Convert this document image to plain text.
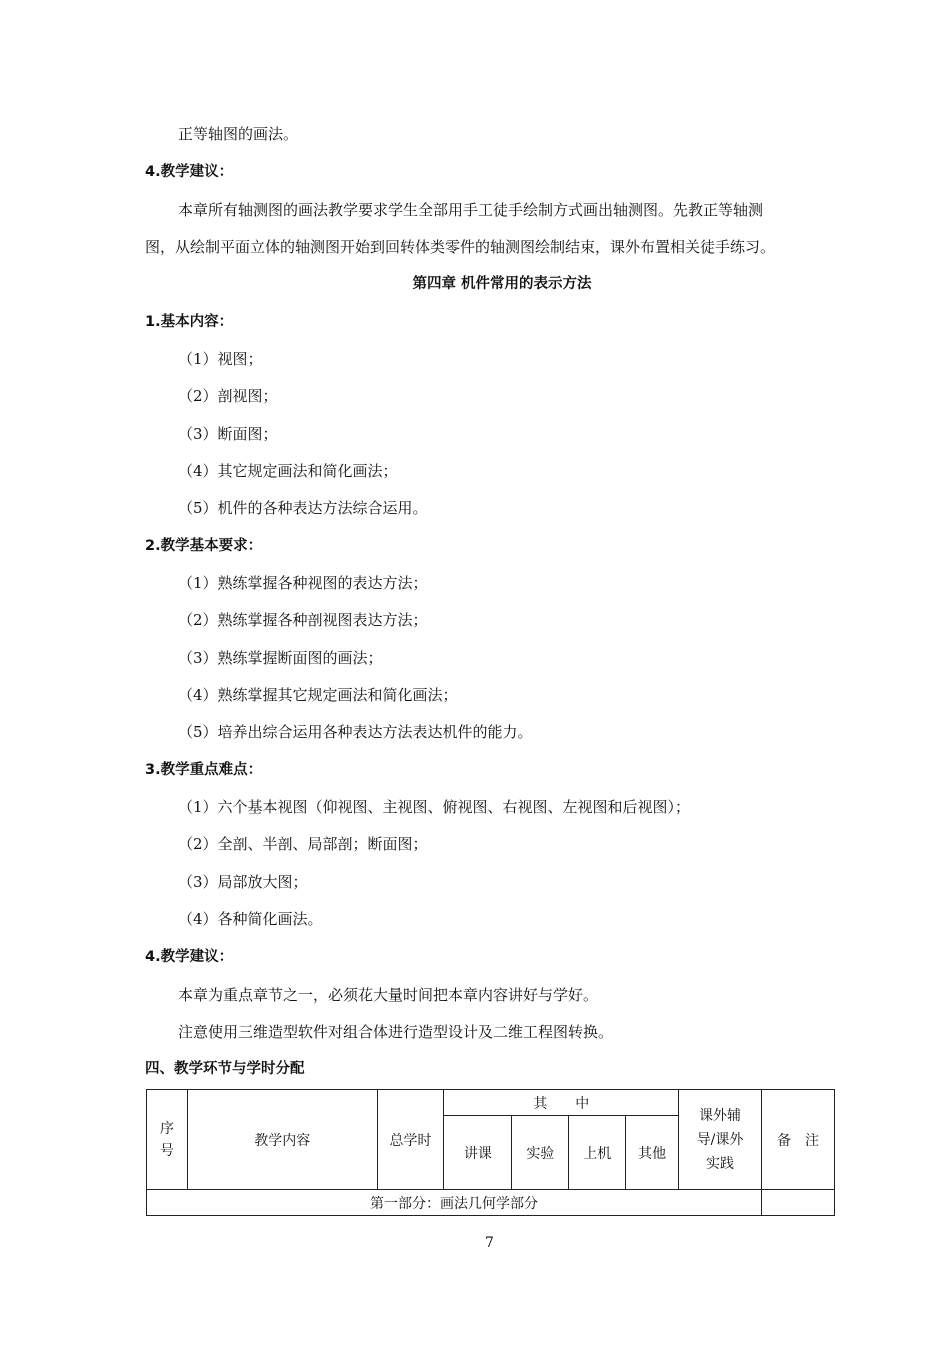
正等轴图的画法。
4.教学建议：
本章所有轴测图的画法教学要求学生全部用手工徒手绘制方式画出轴测图。先教正等轴测
图，从绘制平面立体的轴测图开始到回转体类零件的轴测图绘制结束，课外布置相关徒手练习。
第四章 机件常用的表示方法
1.基本内容：
（1）视图；
（2）剖视图；
（3）断面图；
（4）其它规定画法和简化画法；
（5）机件的各种表达方法综合运用。
2.教学基本要求：
（1）熟练掌握各种视图的表达方法；
（2）熟练掌握各种剖视图表达方法；
（3）熟练掌握断面图的画法；
（4）熟练掌握其它规定画法和简化画法；
（5）培养出综合运用各种表达方法表达机件的能力。
3.教学重点难点：
（1）六个基本视图（仰视图、主视图、俯视图、右视图、左视图和后视图）；
（2）全剖、半剖、局部剖；断面图；
（3）局部放大图；
（4）各种简化画法。
4.教学建议：
本章为重点章节之一，必须花大量时间把本章内容讲好与学好。
注意使用三维造型软件对组合体进行造型设计及二维工程图转换。
四、教学环节与学时分配
序号	教学内容	总学时	其　　中				课外辅导/课外实践	备　注
			讲课	实验	上机	其他		
第一部分：画法几何学部分								
7
